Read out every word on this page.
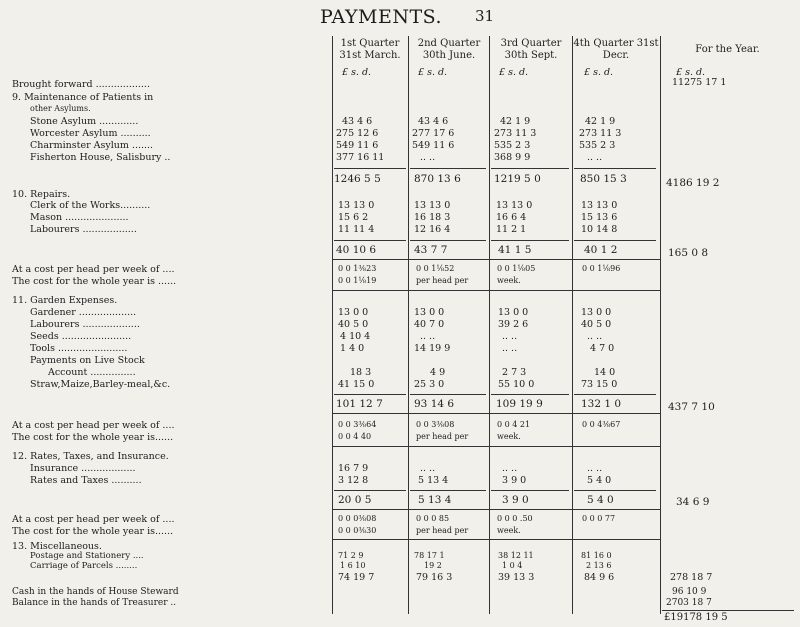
PAYMENTS. 31
1st Quarter 31st March.
2nd Quarter 30th June.
3rd Quarter 30th Sept.
4th Quarter 31st Decr.
For the Year.
£ s. d.	£ s. d.	£ s. d.	£ s. d.	£ s. d.
Brought forward ..................	11275 17 1
9. Maintenance of Patients in
other Asylums.
Stone Asylum .............	43 4 6	43 4 6	42 1 9	42 1 9
Worcester Asylum ..........	275 12 6	277 17 6	273 11 3	273 11 3
Charminster Asylum .......	549 11 6	549 11 6	535 2 3	535 2 3
Fisherton House, Salisbury ..	377 16 11	.. ..	368 9 9	.. ..
1246 5 5	870 13 6	1219 5 0	850 15 3	4186 19 2
10. Repairs.
Clerk of the Works..........	13 13 0	13 13 0	13 13 0	13 13 0
Mason .....................	15 6 2	16 18 3	16 6 4	15 13 6
Labourers ..................	11 11 4	12 16 4	11 2 1	10 14 8
40 10 6	43 7 7	41 1 5	40 1 2	165 0 8
At a cost per head per week of ....
The cost for the whole year is ......
0 0 1⅜23	0 0 1⅛52	0 0 1⅛05	0 0 1⅛96
0 0 1⅛19	per head per	week.
11. Garden Expenses.
Gardener ...................	13 0 0	13 0 0	13 0 0	13 0 0
Labourers ...................	40 5 0	40 7 0	39 2 6	40 5 0
Seeds .......................	4 10 4	.. ..	.. ..	.. ..
Tools .......................	1 4 0	14 19 9	.. ..	4 7 0
Payments on Live Stock
Account ...............	18 3	4 9	2 7 3	14 0
Straw,Maize,Barley-meal,&c.	41 15 0	25 3 0	55 10 0	73 15 0
101 12 7	93 14 6	109 19 9	132 1 0	437 7 10
At a cost per head per week of ....
The cost for the whole year is......
0 0 3⅜64	0 0 3⅜08	0 0 4 21	0 0 4⅜67
0 0 4 40	per head per	week.
12. Rates, Taxes, and Insurance.
Insurance ..................	16 7 9	.. ..	.. ..	.. ..
Rates and Taxes ..........	3 12 8	5 13 4	3 9 0	5 4 0
20 0 5	5 13 4	3 9 0	5 4 0	34 6 9
At a cost per head per week of ....
The cost for the whole year is......
0 0 0⅜08	0 0 0 85	0 0 0 .50	0 0 0 77
0 0 0⅜30	per head per	week.
13. Miscellaneous.
Postage and Stationery ....	71 2 9	78 17 1	38 12 11	81 16 0
Carriage of Parcels ........	1 6 10	19 2	1 0 4	2 13 6
74 19 7	79 16 3	39 13 3	84 9 6	278 18 7
Cash in the hands of House Steward	96 10 9
Balance in the hands of Treasurer ..	2703 18 7
£19178 19 5
